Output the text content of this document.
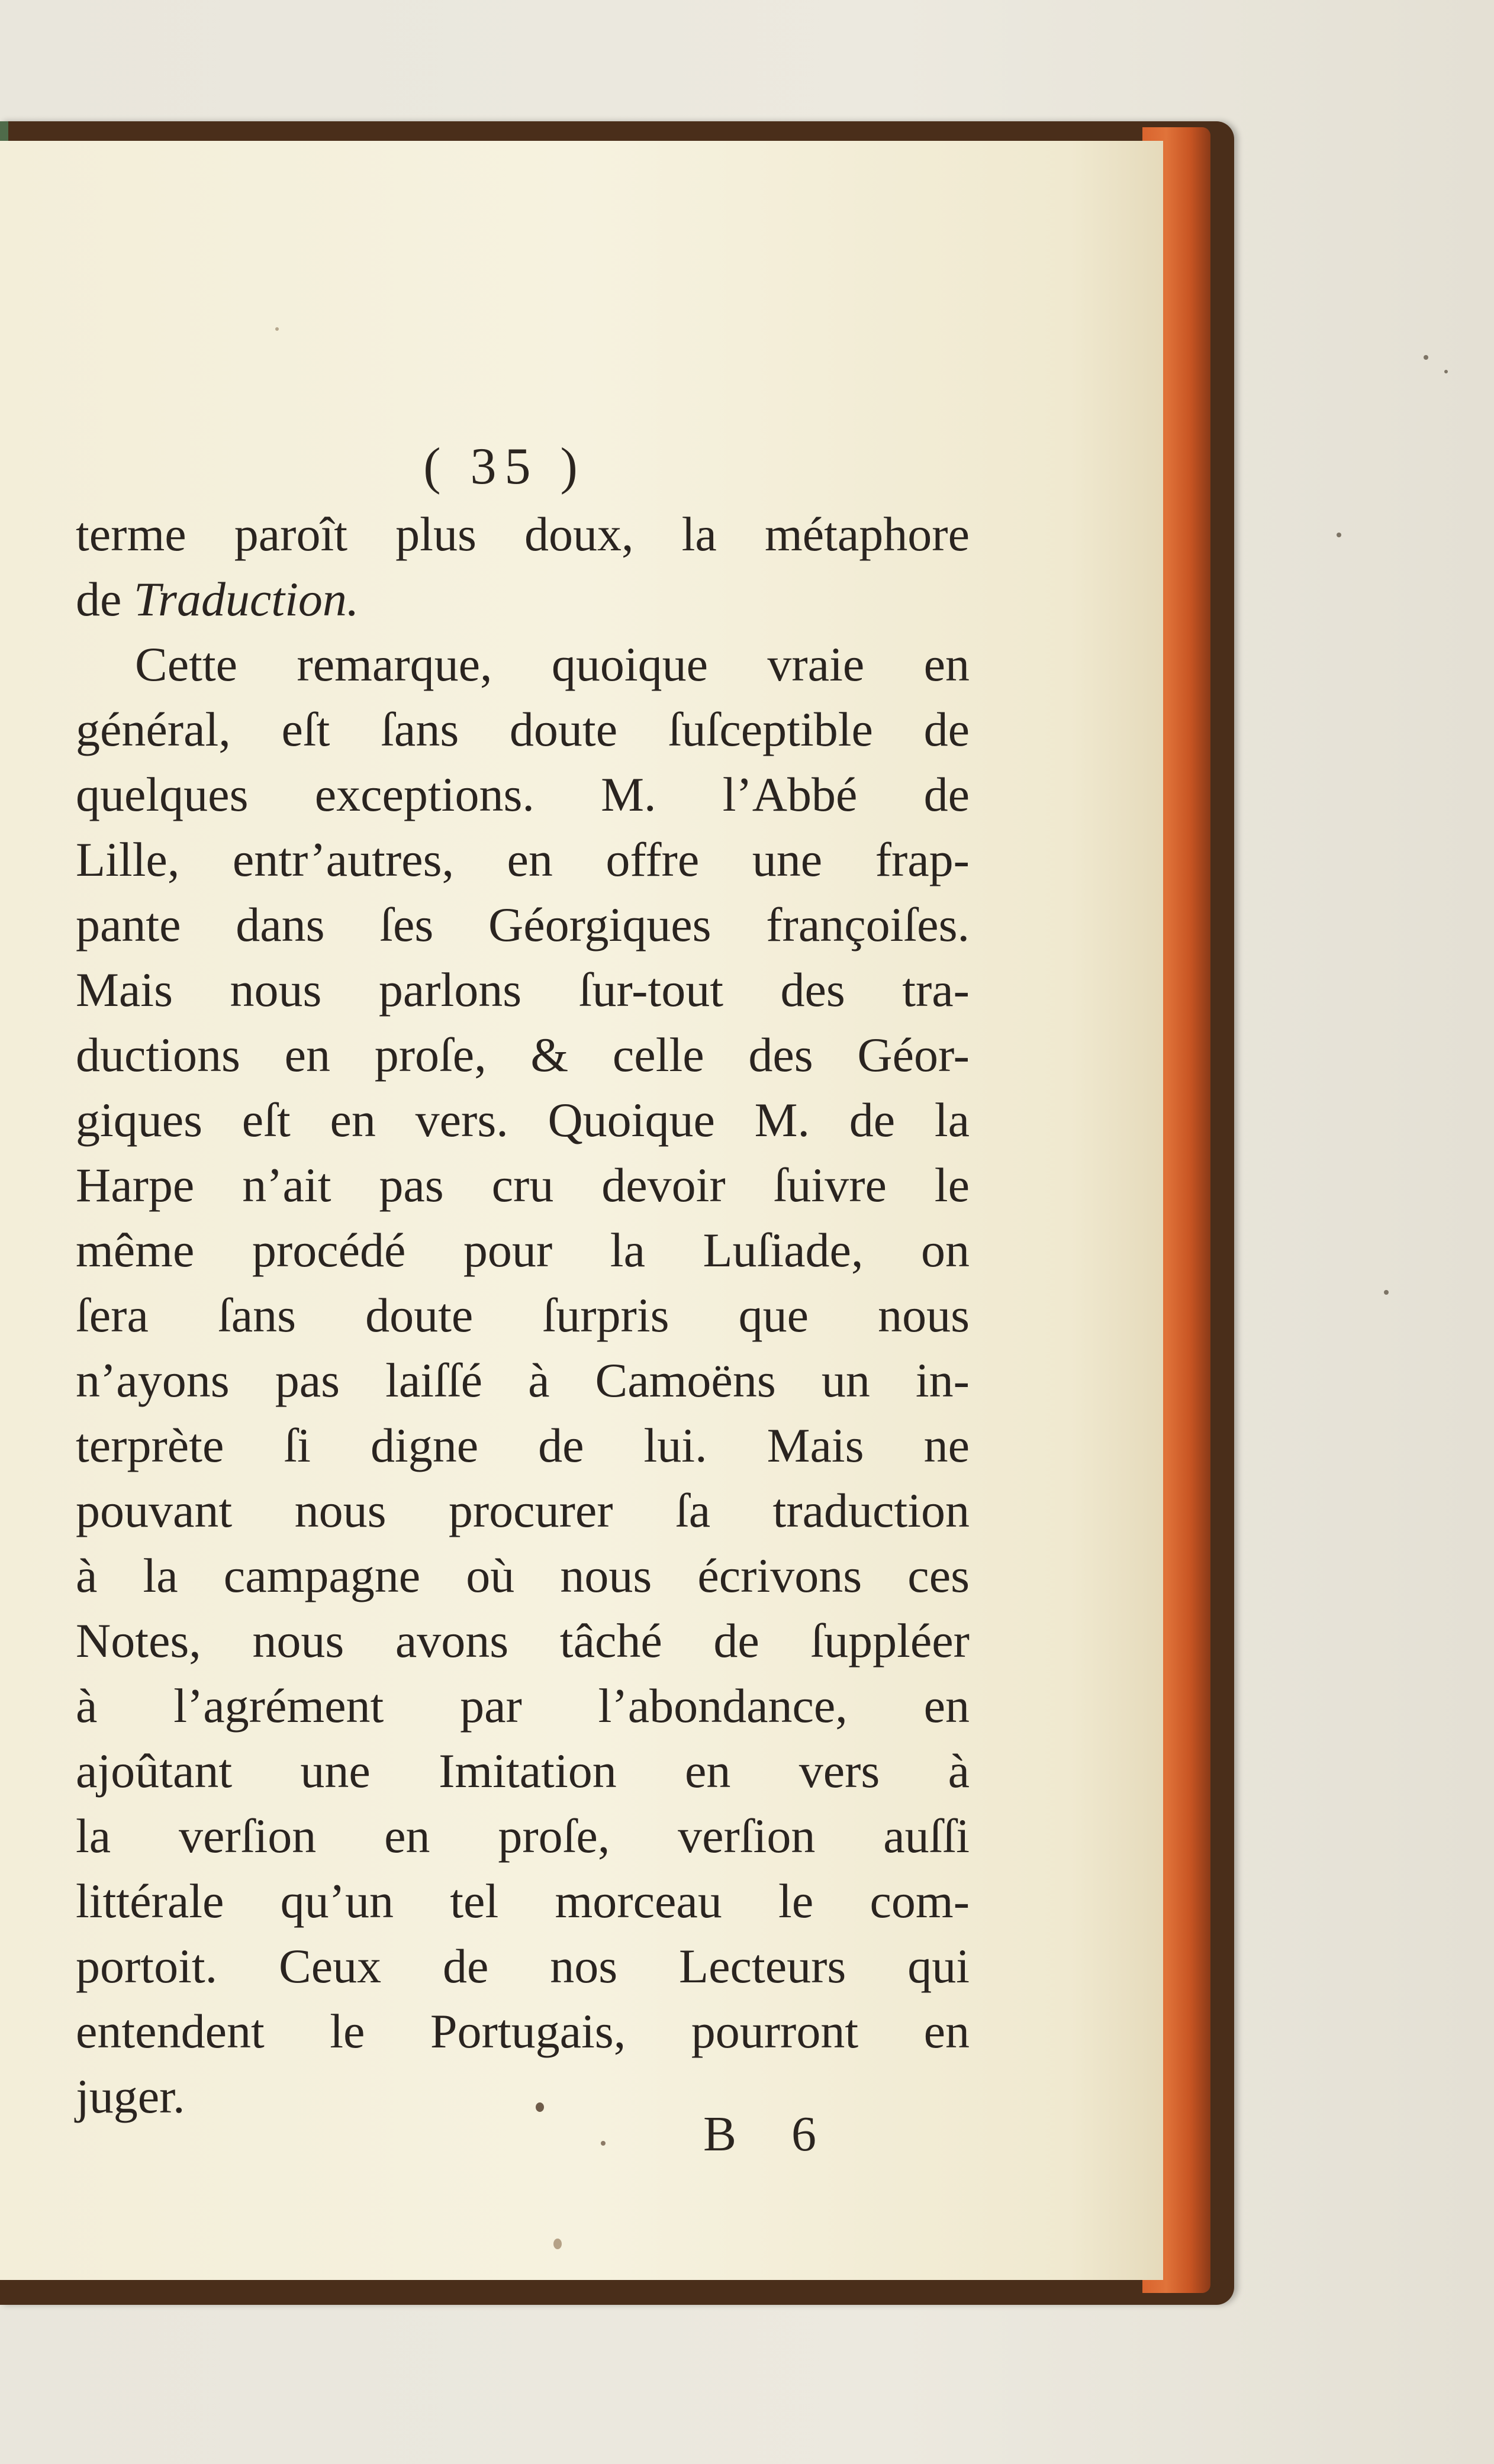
( 35 )
terme paroît plus doux, la métaphore
de Traduction.
Cette remarque, quoique vraie en
général, eſt ſans doute ſuſceptible de
quelques exceptions. M. l’Abbé de
Lille, entr’autres, en offre une frap-
pante dans ſes Géorgiques françoiſes.
Mais nous parlons ſur-tout des tra-
ductions en proſe, & celle des Géor-
giques eſt en vers. Quoique M. de la
Harpe n’ait pas cru devoir ſuivre le
même procédé pour la Luſiade, on
ſera ſans doute ſurpris que nous
n’ayons pas laiſſé à Camoëns un in-
terprète ſi digne de lui. Mais ne
pouvant nous procurer ſa traduction
à la campagne où nous écrivons ces
Notes, nous avons tâché de ſuppléer
à l’agrément par l’abondance, en
ajoûtant une Imitation en vers à
la verſion en proſe, verſion auſſi
littérale qu’un tel morceau le com-
portoit. Ceux de nos Lecteurs qui
entendent le Portugais, pourront en
juger.
B 6
